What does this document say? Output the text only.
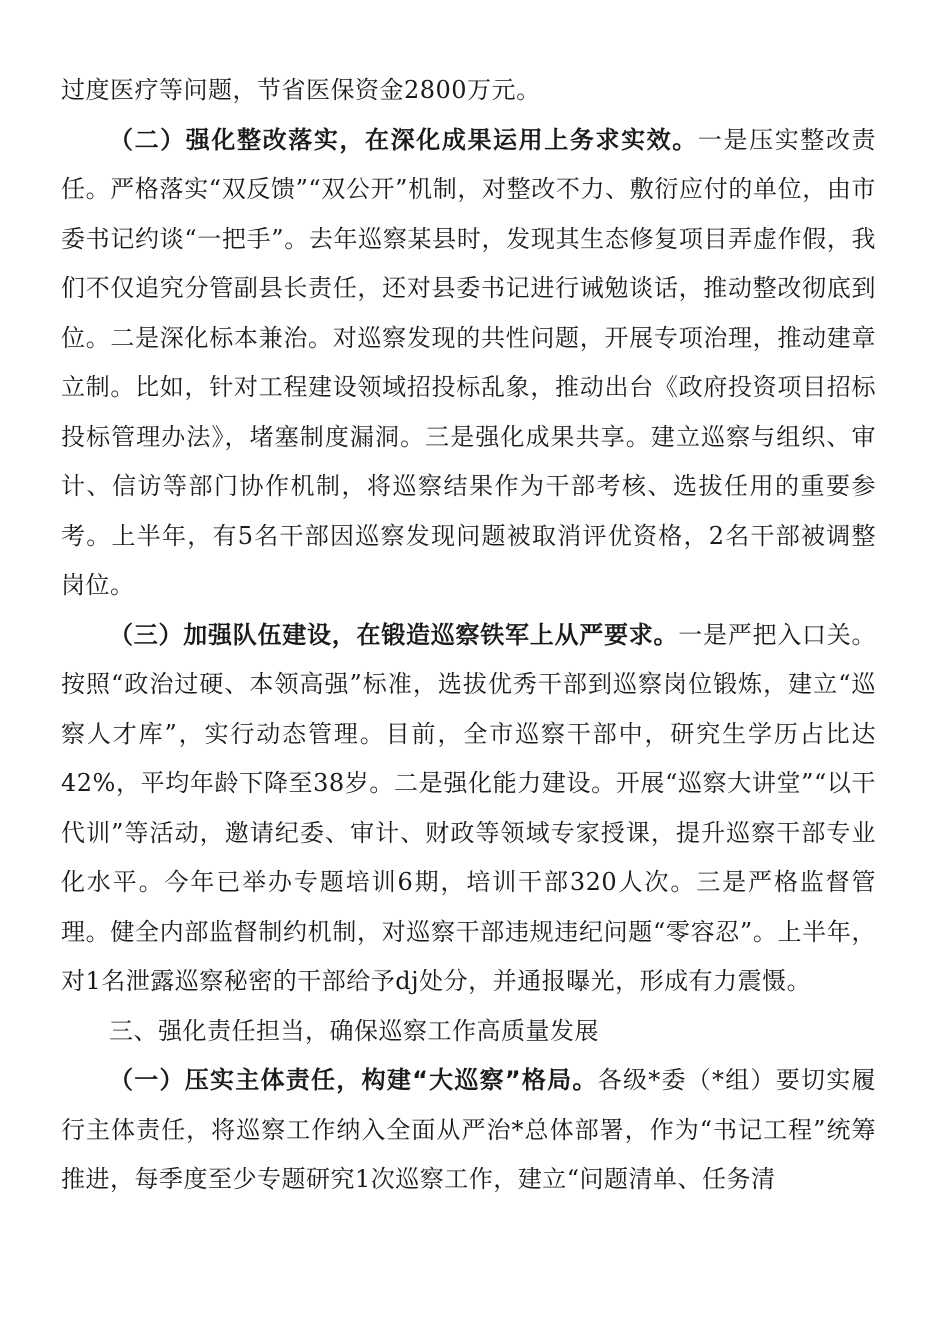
过度医疗等问题，节省医保资金2800万元。

（二）强化整改落实，在深化成果运用上务求实效。一是压实整改责任。严格落实“双反馈”“双公开”机制，对整改不力、敷衍应付的单位，由市委书记约谈“一把手”。去年巡察某县时，发现其生态修复项目弄虚作假，我们不仅追究分管副县长责任，还对县委书记进行诫勉谈话，推动整改彻底到位。二是深化标本兼治。对巡察发现的共性问题，开展专项治理，推动建章立制。比如，针对工程建设领域招投标乱象，推动出台《政府投资项目招标投标管理办法》，堵塞制度漏洞。三是强化成果共享。建立巡察与组织、审计、信访等部门协作机制，将巡察结果作为干部考核、选拔任用的重要参考。上半年，有5名干部因巡察发现问题被取消评优资格，2名干部被调整岗位。

（三）加强队伍建设，在锻造巡察铁军上从严要求。一是严把入口关。按照“政治过硬、本领高强”标准，选拔优秀干部到巡察岗位锻炼，建立“巡察人才库”，实行动态管理。目前，全市巡察干部中，研究生学历占比达42%，平均年龄下降至38岁。二是强化能力建设。开展“巡察大讲堂”“以干代训”等活动，邀请纪委、审计、财政等领域专家授课，提升巡察干部专业化水平。今年已举办专题培训6期，培训干部320人次。三是严格监督管理。健全内部监督制约机制，对巡察干部违规违纪问题“零容忍”。上半年，对1名泄露巡察秘密的干部给予dj处分，并通报曝光，形成有力震慑。

三、强化责任担当，确保巡察工作高质量发展

（一）压实主体责任，构建“大巡察”格局。各级*委（*组）要切实履行主体责任，将巡察工作纳入全面从严治*总体部署，作为“书记工程”统筹推进，每季度至少专题研究1次巡察工作，建立“问题清单、任务清
